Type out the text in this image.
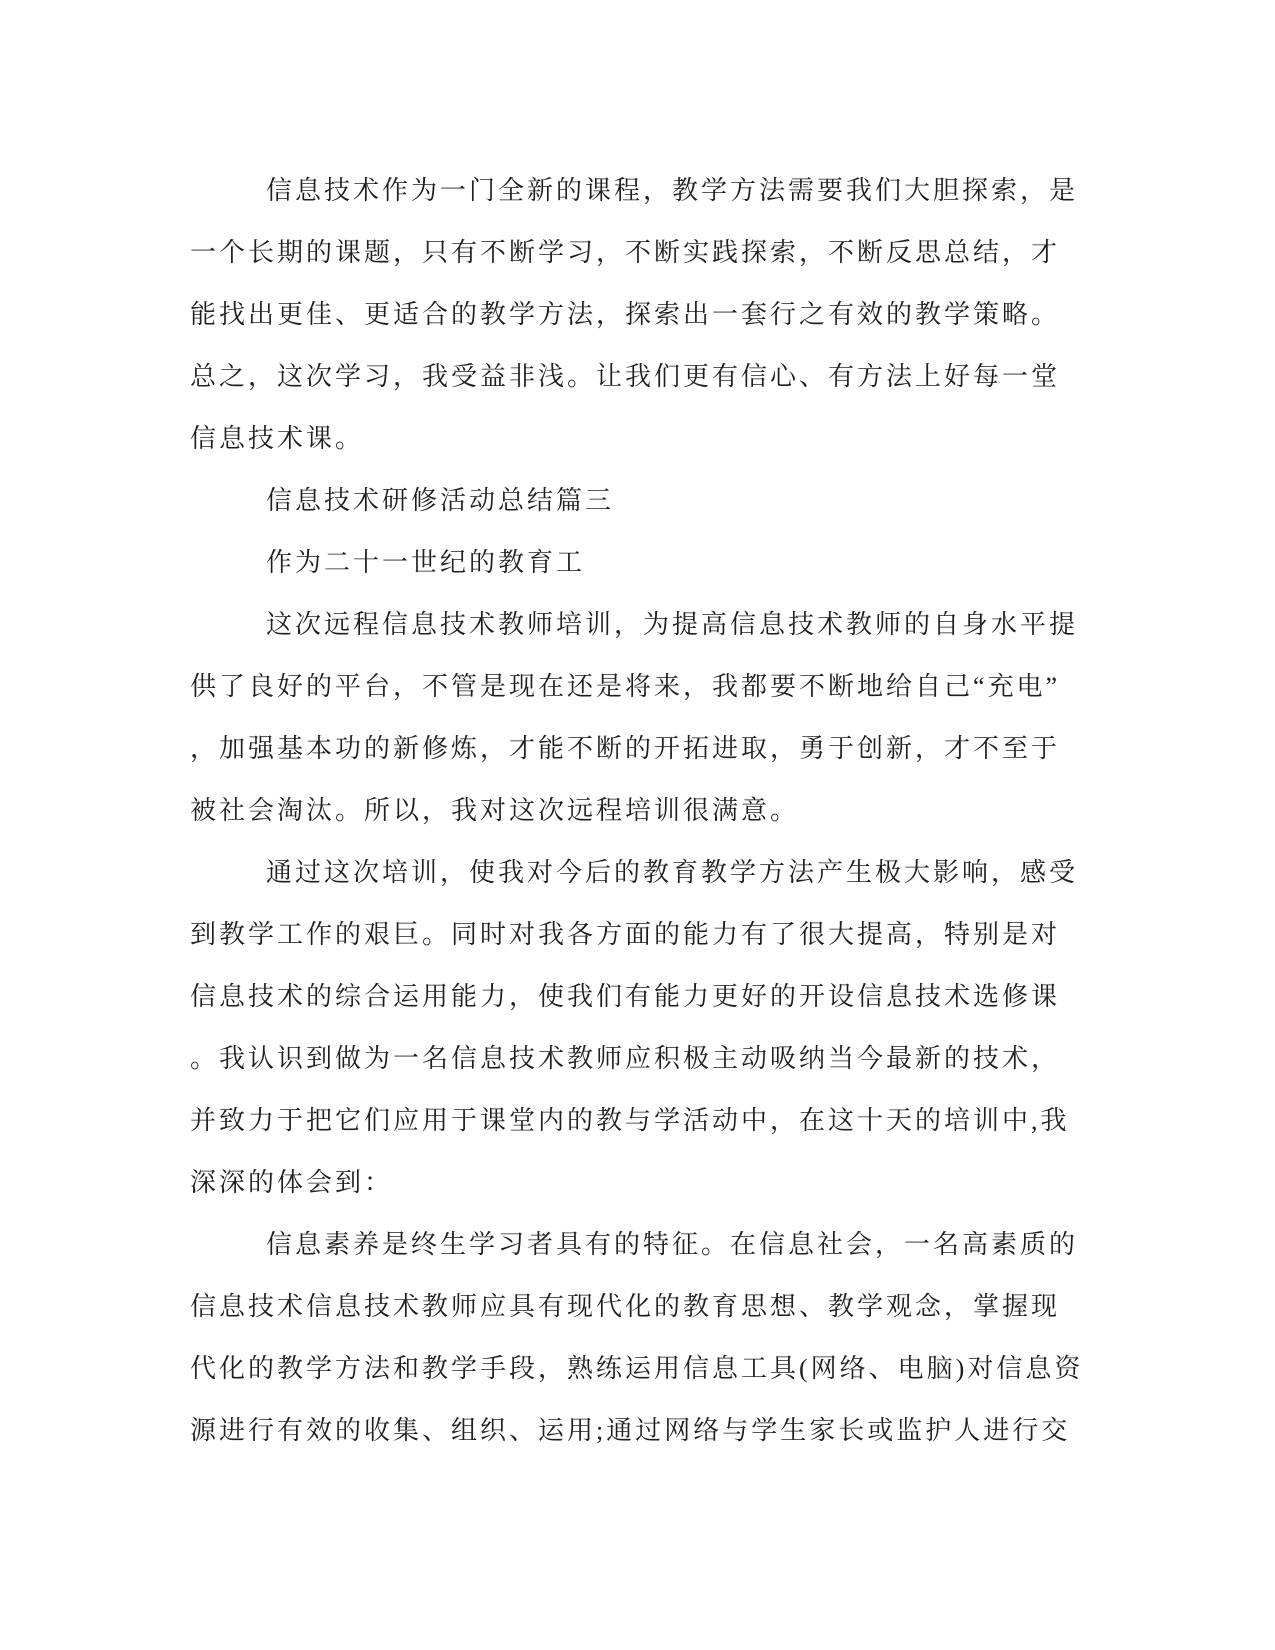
信息技术作为一门全新的课程，教学方法需要我们大胆探索，是
一个长期的课题，只有不断学习，不断实践探索，不断反思总结，才
能找出更佳、更适合的教学方法，探索出一套行之有效的教学策略。
总之，这次学习，我受益非浅。让我们更有信心、有方法上好每一堂
信息技术课。
信息技术研修活动总结篇三
作为二十一世纪的教育工
这次远程信息技术教师培训，为提高信息技术教师的自身水平提
供了良好的平台，不管是现在还是将来，我都要不断地给自己“充电”
，加强基本功的新修炼，才能不断的开拓进取，勇于创新，才不至于
被社会淘汰。所以，我对这次远程培训很满意。
通过这次培训，使我对今后的教育教学方法产生极大影响，感受
到教学工作的艰巨。同时对我各方面的能力有了很大提高，特别是对
信息技术的综合运用能力，使我们有能力更好的开设信息技术选修课
。我认识到做为一名信息技术教师应积极主动吸纳当今最新的技术，
并致力于把它们应用于课堂内的教与学活动中，在这十天的培训中,我
深深的体会到：
信息素养是终生学习者具有的特征。在信息社会，一名高素质的
信息技术信息技术教师应具有现代化的教育思想、教学观念，掌握现
代化的教学方法和教学手段，熟练运用信息工具(网络、电脑)对信息资
源进行有效的收集、组织、运用;通过网络与学生家长或监护人进行交
